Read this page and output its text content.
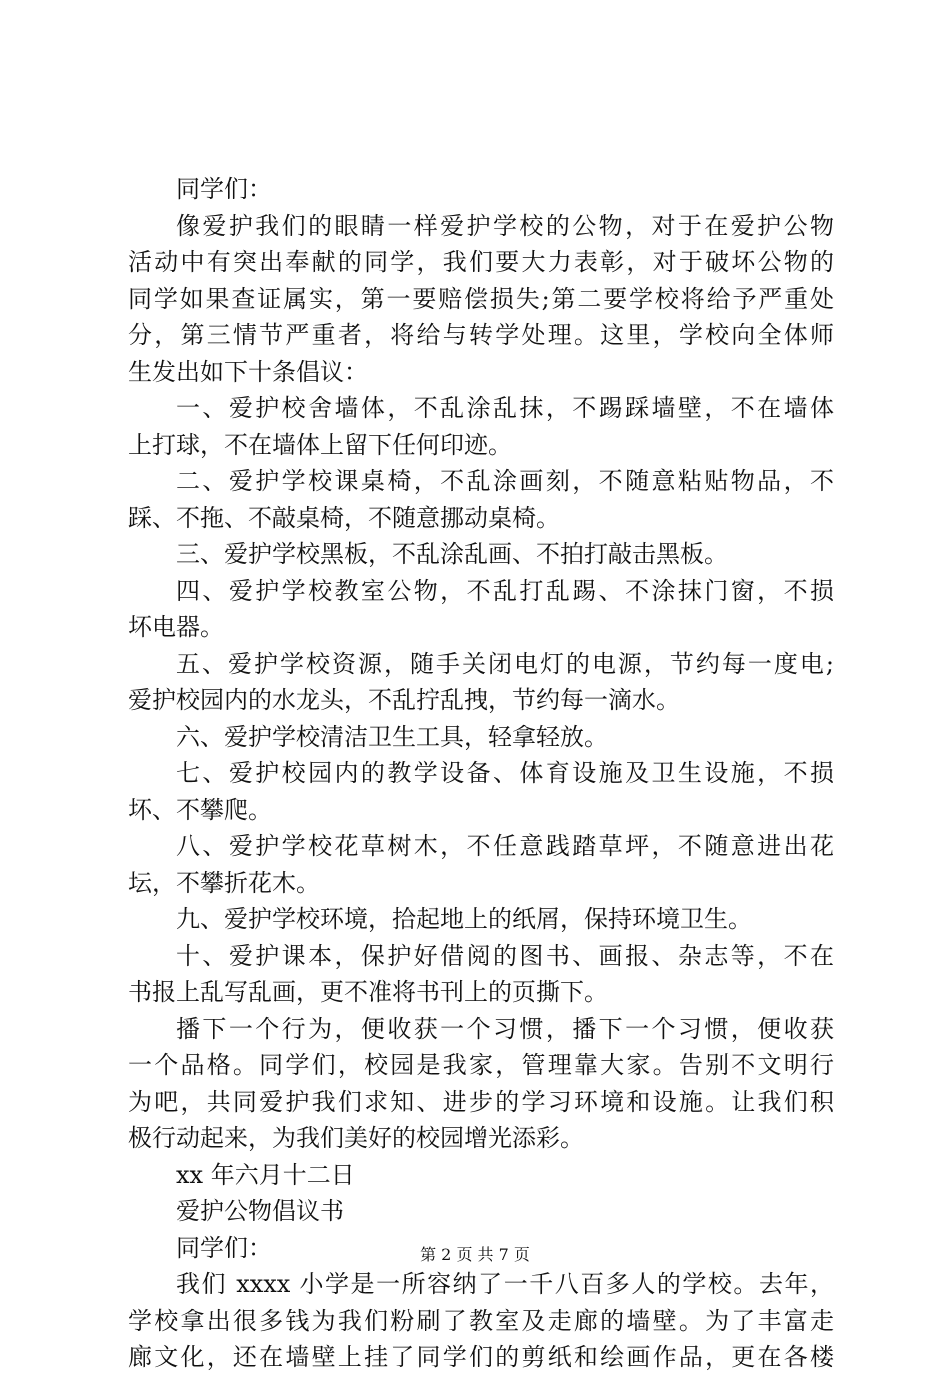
同学们：
像爱护我们的眼睛一样爱护学校的公物，对于在爱护公物
活动中有突出奉献的同学，我们要大力表彰，对于破坏公物的
同学如果查证属实，第一要赔偿损失;第二要学校将给予严重处
分，第三情节严重者，将给与转学处理。这里，学校向全体师
生发出如下十条倡议：
一、爱护校舍墙体，不乱涂乱抹，不踢踩墙壁，不在墙体
上打球，不在墙体上留下任何印迹。
二、爱护学校课桌椅，不乱涂画刻，不随意粘贴物品，不
踩、不拖、不敲桌椅，不随意挪动桌椅。
三、爱护学校黑板，不乱涂乱画、不拍打敲击黑板。
四、爱护学校教室公物，不乱打乱踢、不涂抹门窗，不损
坏电器。
五、爱护学校资源，随手关闭电灯的电源，节约每一度电;
爱护校园内的水龙头，不乱拧乱拽，节约每一滴水。
六、爱护学校清洁卫生工具，轻拿轻放。
七、爱护校园内的教学设备、体育设施及卫生设施，不损
坏、不攀爬。
八、爱护学校花草树木，不任意践踏草坪，不随意进出花
坛，不攀折花木。
九、爱护学校环境，拾起地上的纸屑，保持环境卫生。
十、爱护课本，保护好借阅的图书、画报、杂志等，不在
书报上乱写乱画，更不准将书刊上的页撕下。
播下一个行为，便收获一个习惯，播下一个习惯，便收获
一个品格。同学们，校园是我家，管理靠大家。告别不文明行
为吧，共同爱护我们求知、进步的学习环境和设施。让我们积
极行动起来，为我们美好的校园增光添彩。
xx 年六月十二日
爱护公物倡议书
同学们：
我们 xxxx 小学是一所容纳了一千八百多人的学校。去年，
学校拿出很多钱为我们粉刷了教室及走廊的墙壁。为了丰富走
廊文化，还在墙壁上挂了同学们的剪纸和绘画作品，更在各楼
第 2 页 共 7 页
